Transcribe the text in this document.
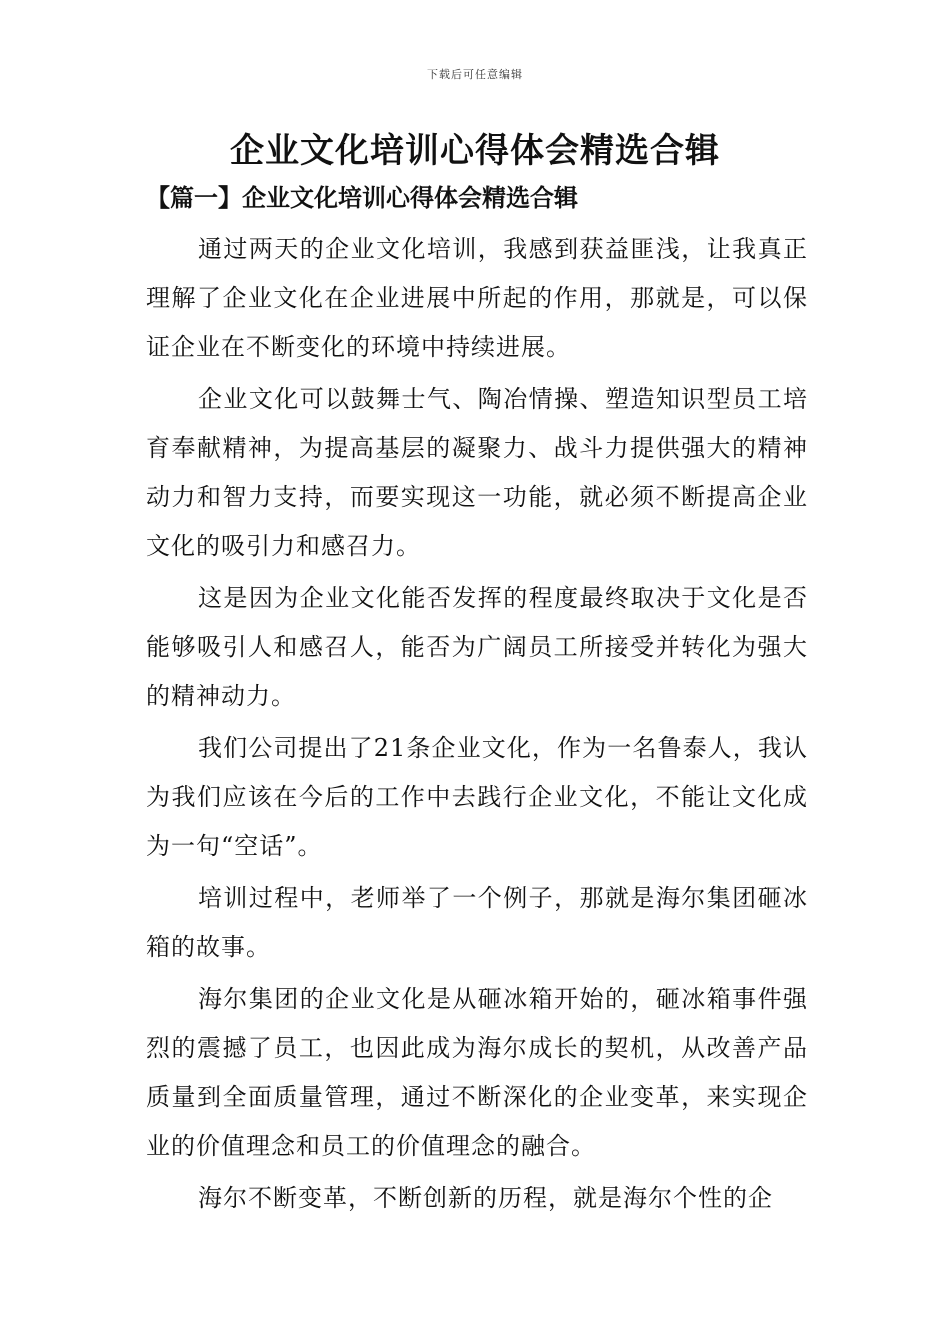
下载后可任意编辑
企业文化培训心得体会精选合辑
【篇一】企业文化培训心得体会精选合辑

通过两天的企业文化培训，我感到获益匪浅，让我真正理解了企业文化在企业进展中所起的作用，那就是，可以保证企业在不断变化的环境中持续进展。

企业文化可以鼓舞士气、陶冶情操、塑造知识型员工培育奉献精神，为提高基层的凝聚力、战斗力提供强大的精神动力和智力支持，而要实现这一功能，就必须不断提高企业文化的吸引力和感召力。

这是因为企业文化能否发挥的程度最终取决于文化是否能够吸引人和感召人，能否为广阔员工所接受并转化为强大的精神动力。

我们公司提出了21条企业文化，作为一名鲁泰人，我认为我们应该在今后的工作中去践行企业文化，不能让文化成为一句“空话”。

培训过程中，老师举了一个例子，那就是海尔集团砸冰箱的故事。

海尔集团的企业文化是从砸冰箱开始的，砸冰箱事件强烈的震撼了员工，也因此成为海尔成长的契机，从改善产品质量到全面质量管理，通过不断深化的企业变革，来实现企业的价值理念和员工的价值理念的融合。

海尔不断变革，不断创新的历程，就是海尔个性的企
